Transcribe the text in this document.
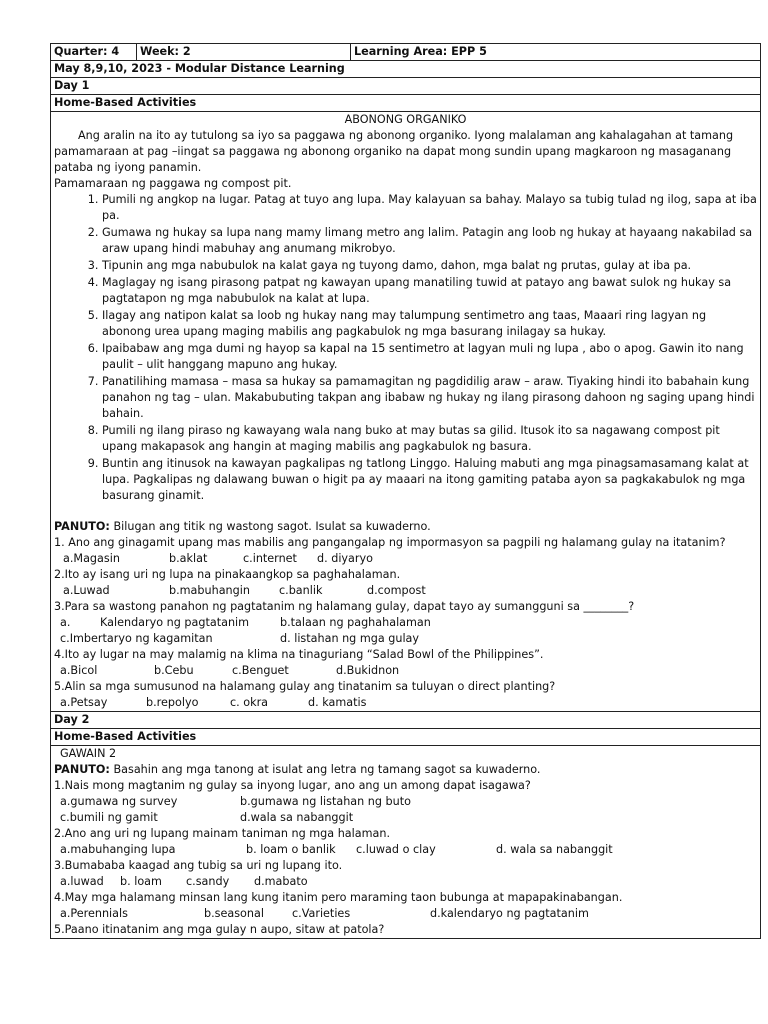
Quarter: 4	Week: 2	Learning Area: EPP 5
May 8,9,10, 2023 - Modular Distance Learning
Day 1
Home-Based Activities

ABONONG ORGANIKO

Ang aralin na ito ay tutulong sa iyo sa paggawa ng abonong organiko. Iyong malalaman ang kahalagahan at tamang pamamaraan at pag –iingat sa paggawa ng abonong organiko na dapat mong sundin upang magkaroon ng masaganang pataba ng iyong panamin.

Pamamaraan ng paggawa ng compost pit.

1. Pumili ng angkop na lugar. Patag at tuyo ang lupa. May kalayuan sa bahay. Malayo sa tubig tulad ng ilog, sapa at iba pa.
2. Gumawa ng hukay sa lupa nang mamy limang metro ang lalim. Patagin ang loob ng hukay at hayaang nakabilad sa araw upang hindi mabuhay ang anumang mikrobyo.
3. Tipunin ang mga nabubulok na kalat gaya ng tuyong damo, dahon, mga balat ng prutas, gulay at iba pa.
4. Maglagay ng isang pirasong patpat ng kawayan upang manatiling tuwid at patayo ang bawat sulok ng hukay sa pagtatapon ng mga nabubulok na kalat at lupa.
5. Ilagay ang natipon kalat sa loob ng hukay nang may talumpung sentimetro ang taas, Maaari ring lagyan ng abonong urea upang maging mabilis ang pagkabulok ng mga basurang inilagay sa hukay.
6. Ipaibabaw ang mga dumi ng hayop sa kapal na 15 sentimetro at lagyan muli ng lupa , abo o apog. Gawin ito nang paulit – ulit hanggang mapuno ang hukay.
7. Panatilihing mamasa – masa sa hukay sa pamamagitan ng pagdidilig araw – araw. Tiyaking hindi ito babahain kung panahon ng tag – ulan. Makabubuting takpan ang ibabaw ng hukay ng ilang pirasong dahoon ng saging upang hindi bahain.
8. Pumili ng ilang piraso ng kawayang wala nang buko at may butas sa gilid. Itusok ito sa nagawang compost pit upang makapasok ang hangin at maging mabilis ang pagkabulok ng basura.
9. Buntin ang itinusok na kawayan pagkalipas ng tatlong Linggo. Haluing mabuti ang mga pinagsamasamang kalat at lupa. Pagkalipas ng dalawang buwan o higit pa ay maaari na itong gamiting pataba ayon sa pagkakabulok ng mga basurang ginamit.

PANUTO: Bilugan ang titik ng wastong sagot. Isulat sa kuwaderno.

1. Ano ang ginagamit upang mas mabilis ang pangangalap ng impormasyon sa pagpili ng halamang gulay na itatanim?

a.Magasin	b.aklat	c.internet	d. diyaryo

2.Ito ay isang uri ng lupa na pinakaangkop sa paghahalaman.

a.Luwad	b.mabuhangin	c.banlik	d.compost

3.Para sa wastong panahon ng pagtatanim ng halamang gulay, dapat tayo ay sumangguni sa ________?

a.	Kalendaryo ng pagtatanim	b.talaan ng paghahalaman
c.Imbertaryo ng kagamitan	d. listahan ng mga gulay

4.Ito ay lugar na may malamig na klima na tinaguriang “Salad Bowl of the Philippines”.

a.Bicol	b.Cebu	c.Benguet	d.Bukidnon

5.Alin sa mga sumusunod na halamang gulay ang tinatanim sa tuluyan o direct planting?

a.Petsay	b.repolyo	c. okra	d. kamatis

Day 2
Home-Based Activities

GAWAIN 2

PANUTO: Basahin ang mga tanong at isulat ang letra ng tamang sagot sa kuwaderno.

1.Nais mong magtanim ng gulay sa inyong lugar, ano ang un among dapat isagawa?

a.gumawa ng survey	b.gumawa ng listahan ng buto
c.bumili ng gamit	d.wala sa nabanggit

2.Ano ang uri ng lupang mainam taniman ng mga halaman.

a.mabuhanging lupa	b. loam o banlik	c.luwad o clay	d. wala sa nabanggit

3.Bumababa kaagad ang tubig sa uri ng lupang ito.

a.luwad	b. loam	c.sandy	d.mabato

4.May mga halamang minsan lang kung itanim pero maraming taon bubunga at mapapakinabangan.

a.Perennials	b.seasonal	c.Varieties	d.kalendaryo ng pagtatanim

5.Paano itinatanim ang mga gulay n aupo, sitaw at patola?
